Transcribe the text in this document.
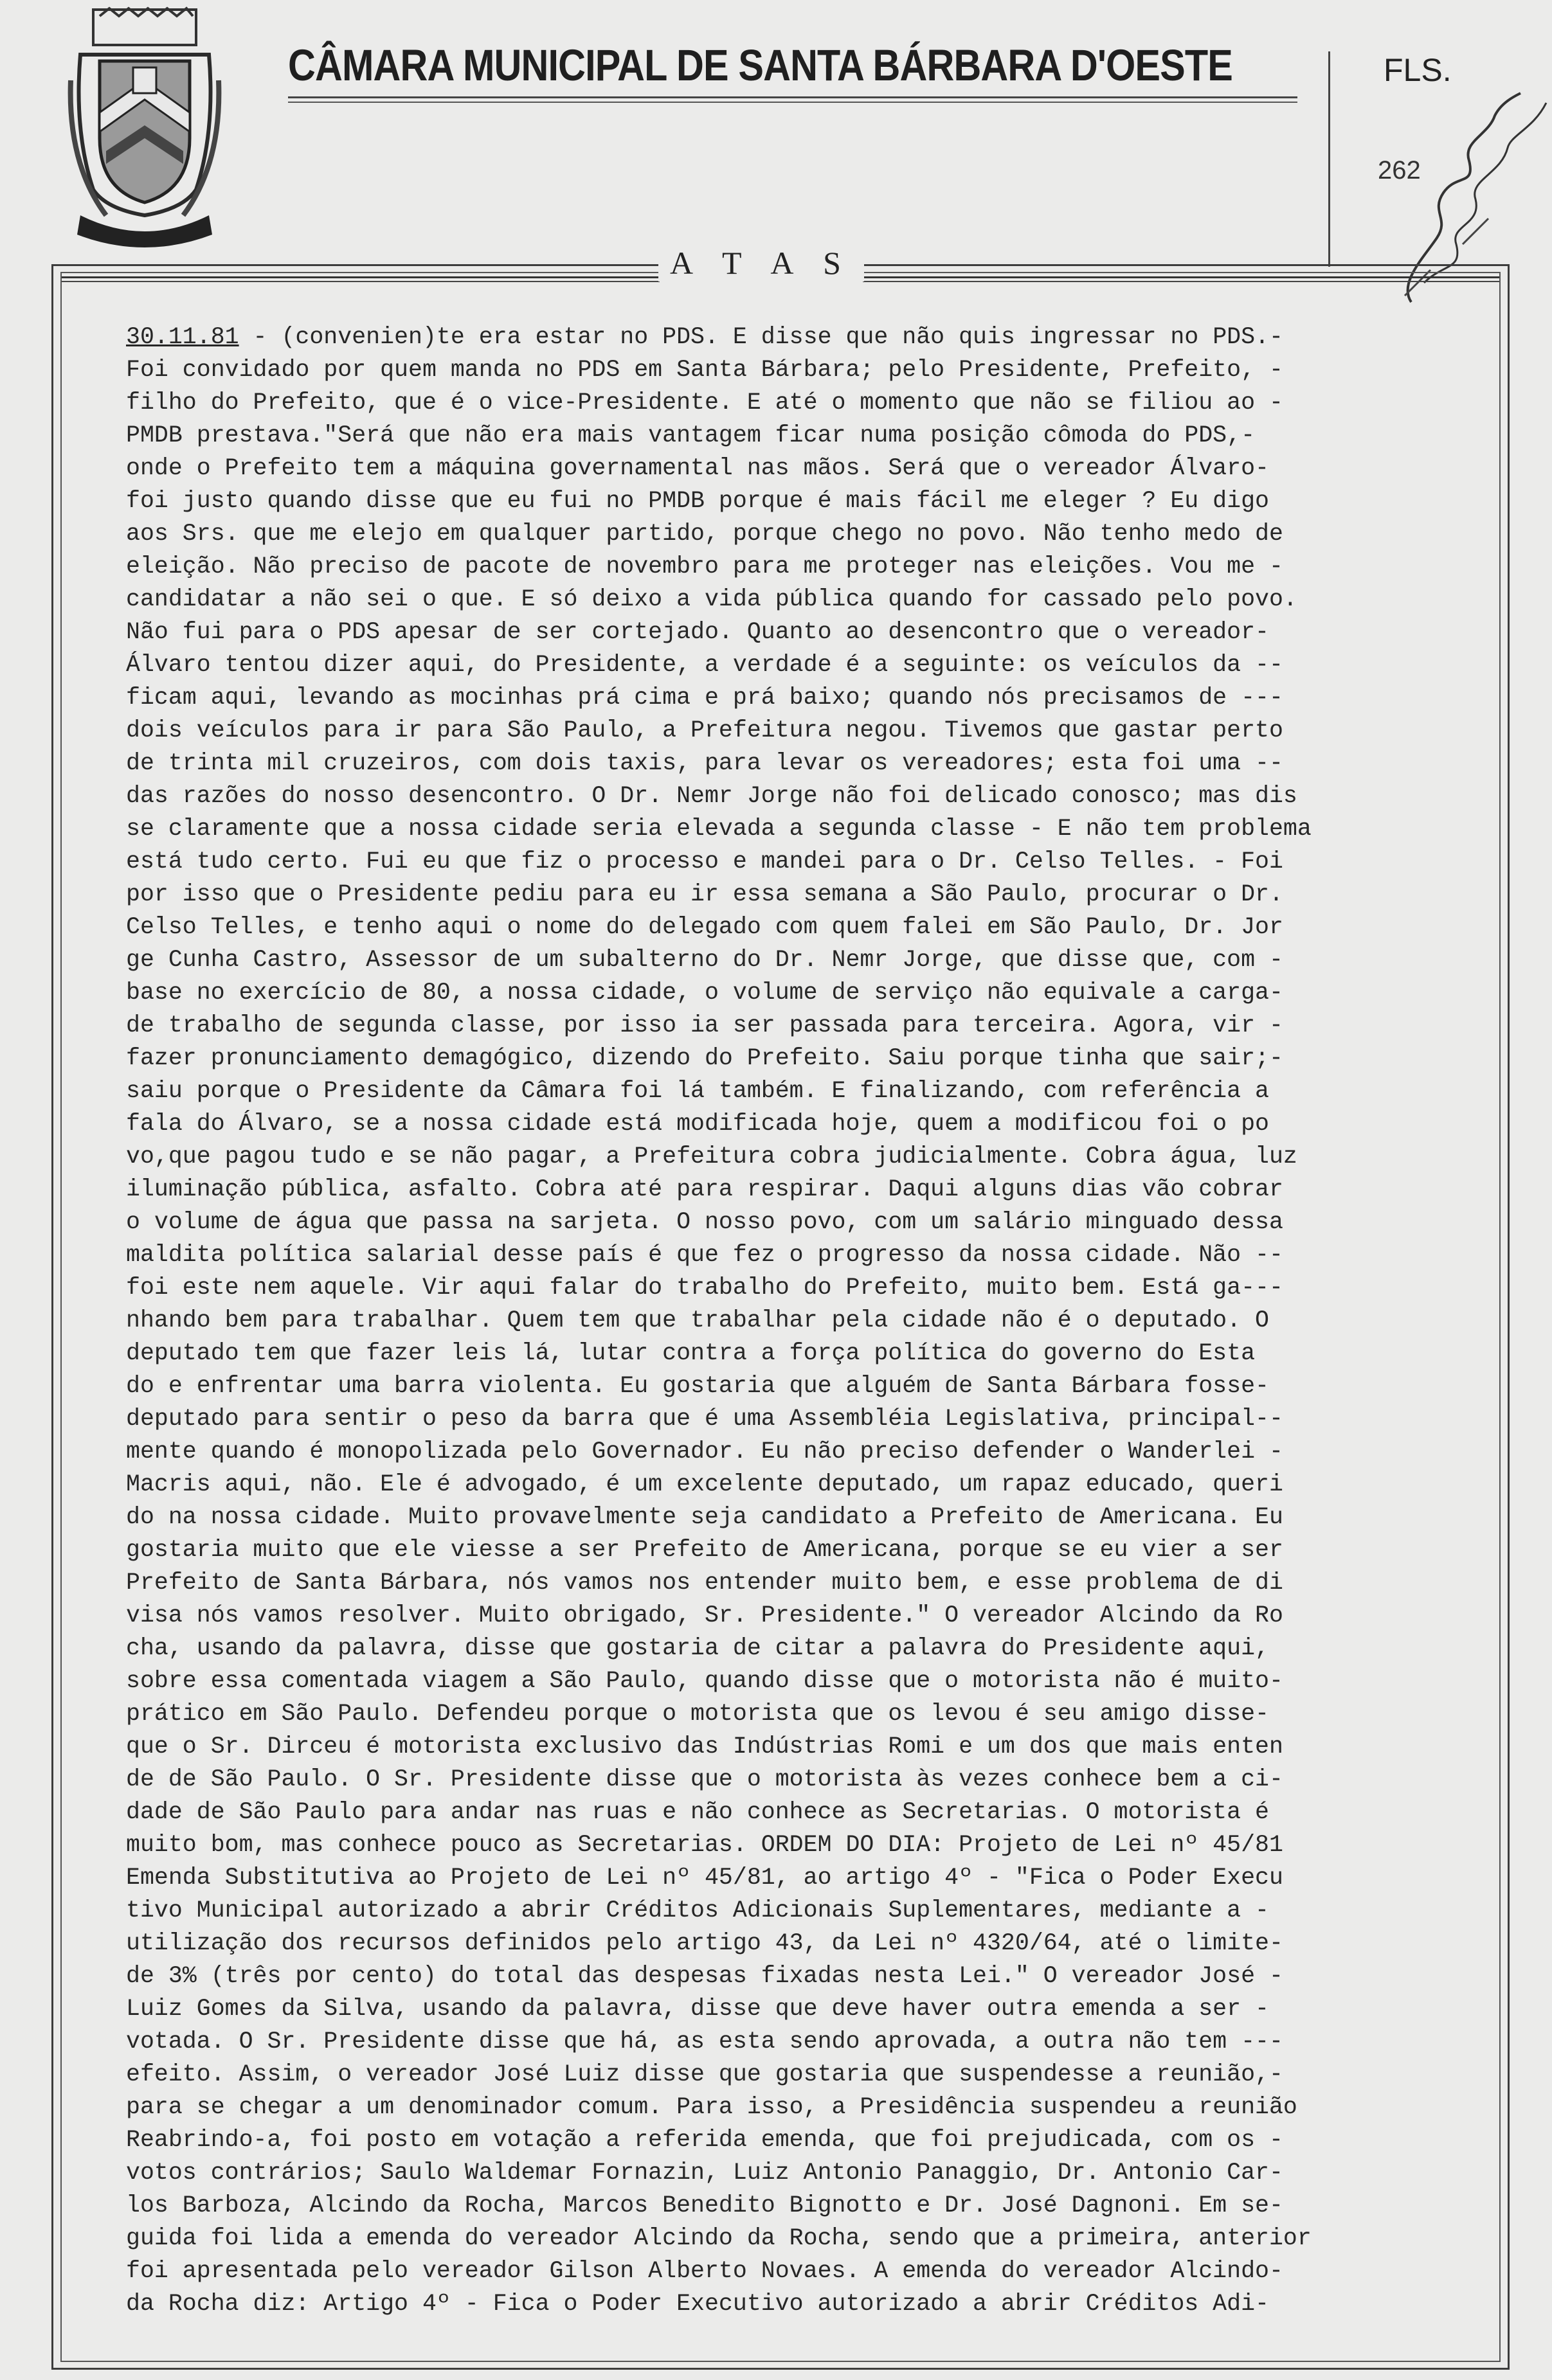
CÂMARA MUNICIPAL DE SANTA BÁRBARA D'OESTE	FLS.
262
A T A S
30.11.81 - (convenien)te era estar no PDS. E disse que não quis ingressar no PDS.-
Foi convidado por quem manda no PDS em Santa Bárbara; pelo Presidente, Prefeito, -
filho do Prefeito, que é o vice-Presidente. E até o momento que não se filiou ao -
PMDB prestava."Será que não era mais vantagem ficar numa posição cômoda do PDS,-
onde o Prefeito tem a máquina governamental nas mãos. Será que o vereador Álvaro-
foi justo quando disse que eu fui no PMDB porque é mais fácil me eleger ? Eu digo
aos Srs. que me elejo em qualquer partido, porque chego no povo. Não tenho medo de
eleição. Não preciso de pacote de novembro para me proteger nas eleições. Vou me -
candidatar a não sei o que. E só deixo a vida pública quando for cassado pelo povo.
Não fui para o PDS apesar de ser cortejado. Quanto ao desencontro que o vereador-
Álvaro tentou dizer aqui, do Presidente, a verdade é a seguinte: os veículos da --
ficam aqui, levando as mocinhas prá cima e prá baixo; quando nós precisamos de ---
dois veículos para ir para São Paulo, a Prefeitura negou. Tivemos que gastar perto
de trinta mil cruzeiros, com dois taxis, para levar os vereadores; esta foi uma --
das razões do nosso desencontro. O Dr. Nemr Jorge não foi delicado conosco; mas dis
se claramente que a nossa cidade seria elevada a segunda classe - E não tem problema
está tudo certo. Fui eu que fiz o processo e mandei para o Dr. Celso Telles. - Foi
por isso que o Presidente pediu para eu ir essa semana a São Paulo, procurar o Dr.
Celso Telles, e tenho aqui o nome do delegado com quem falei em São Paulo, Dr. Jor
ge Cunha Castro, Assessor de um subalterno do Dr. Nemr Jorge, que disse que, com -
base no exercício de 80, a nossa cidade, o volume de serviço não equivale a carga-
de trabalho de segunda classe, por isso ia ser passada para terceira. Agora, vir -
fazer pronunciamento demagógico, dizendo do Prefeito. Saiu porque tinha que sair;-
saiu porque o Presidente da Câmara foi lá também. E finalizando, com referência a
fala do Álvaro, se a nossa cidade está modificada hoje, quem a modificou foi o po
vo,que pagou tudo e se não pagar, a Prefeitura cobra judicialmente. Cobra água, luz
iluminação pública, asfalto. Cobra até para respirar. Daqui alguns dias vão cobrar
o volume de água que passa na sarjeta. O nosso povo, com um salário minguado dessa
maldita política salarial desse país é que fez o progresso da nossa cidade. Não --
foi este nem aquele. Vir aqui falar do trabalho do Prefeito, muito bem. Está ga---
nhando bem para trabalhar. Quem tem que trabalhar pela cidade não é o deputado. O
deputado tem que fazer leis lá, lutar contra a força política do governo do Esta
do e enfrentar uma barra violenta. Eu gostaria que alguém de Santa Bárbara fosse-
deputado para sentir o peso da barra que é uma Assembléia Legislativa, principal--
mente quando é monopolizada pelo Governador. Eu não preciso defender o Wanderlei -
Macris aqui, não. Ele é advogado, é um excelente deputado, um rapaz educado, queri
do na nossa cidade. Muito provavelmente seja candidato a Prefeito de Americana. Eu
gostaria muito que ele viesse a ser Prefeito de Americana, porque se eu vier a ser
Prefeito de Santa Bárbara, nós vamos nos entender muito bem, e esse problema de di
visa nós vamos resolver. Muito obrigado, Sr. Presidente." O vereador Alcindo da Ro
cha, usando da palavra, disse que gostaria de citar a palavra do Presidente aqui,
sobre essa comentada viagem a São Paulo, quando disse que o motorista não é muito-
prático em São Paulo. Defendeu porque o motorista que os levou é seu amigo disse-
que o Sr. Dirceu é motorista exclusivo das Indústrias Romi e um dos que mais enten
de de São Paulo. O Sr. Presidente disse que o motorista às vezes conhece bem a ci-
dade de São Paulo para andar nas ruas e não conhece as Secretarias. O motorista é
muito bom, mas conhece pouco as Secretarias. ORDEM DO DIA: Projeto de Lei nº 45/81
Emenda Substitutiva ao Projeto de Lei nº 45/81, ao artigo 4º - "Fica o Poder Execu
tivo Municipal autorizado a abrir Créditos Adicionais Suplementares, mediante a -
utilização dos recursos definidos pelo artigo 43, da Lei nº 4320/64, até o limite-
de 3% (três por cento) do total das despesas fixadas nesta Lei." O vereador José -
Luiz Gomes da Silva, usando da palavra, disse que deve haver outra emenda a ser -
votada. O Sr. Presidente disse que há, as esta sendo aprovada, a outra não tem ---
efeito. Assim, o vereador José Luiz disse que gostaria que suspendesse a reunião,-
para se chegar a um denominador comum. Para isso, a Presidência suspendeu a reunião
Reabrindo-a, foi posto em votação a referida emenda, que foi prejudicada, com os -
votos contrários; Saulo Waldemar Fornazin, Luiz Antonio Panaggio, Dr. Antonio Car-
los Barboza, Alcindo da Rocha, Marcos Benedito Bignotto e Dr. José Dagnoni. Em se-
guida foi lida a emenda do vereador Alcindo da Rocha, sendo que a primeira, anterior
foi apresentada pelo vereador Gilson Alberto Novaes. A emenda do vereador Alcindo-
da Rocha diz: Artigo 4º - Fica o Poder Executivo autorizado a abrir Créditos Adi-
